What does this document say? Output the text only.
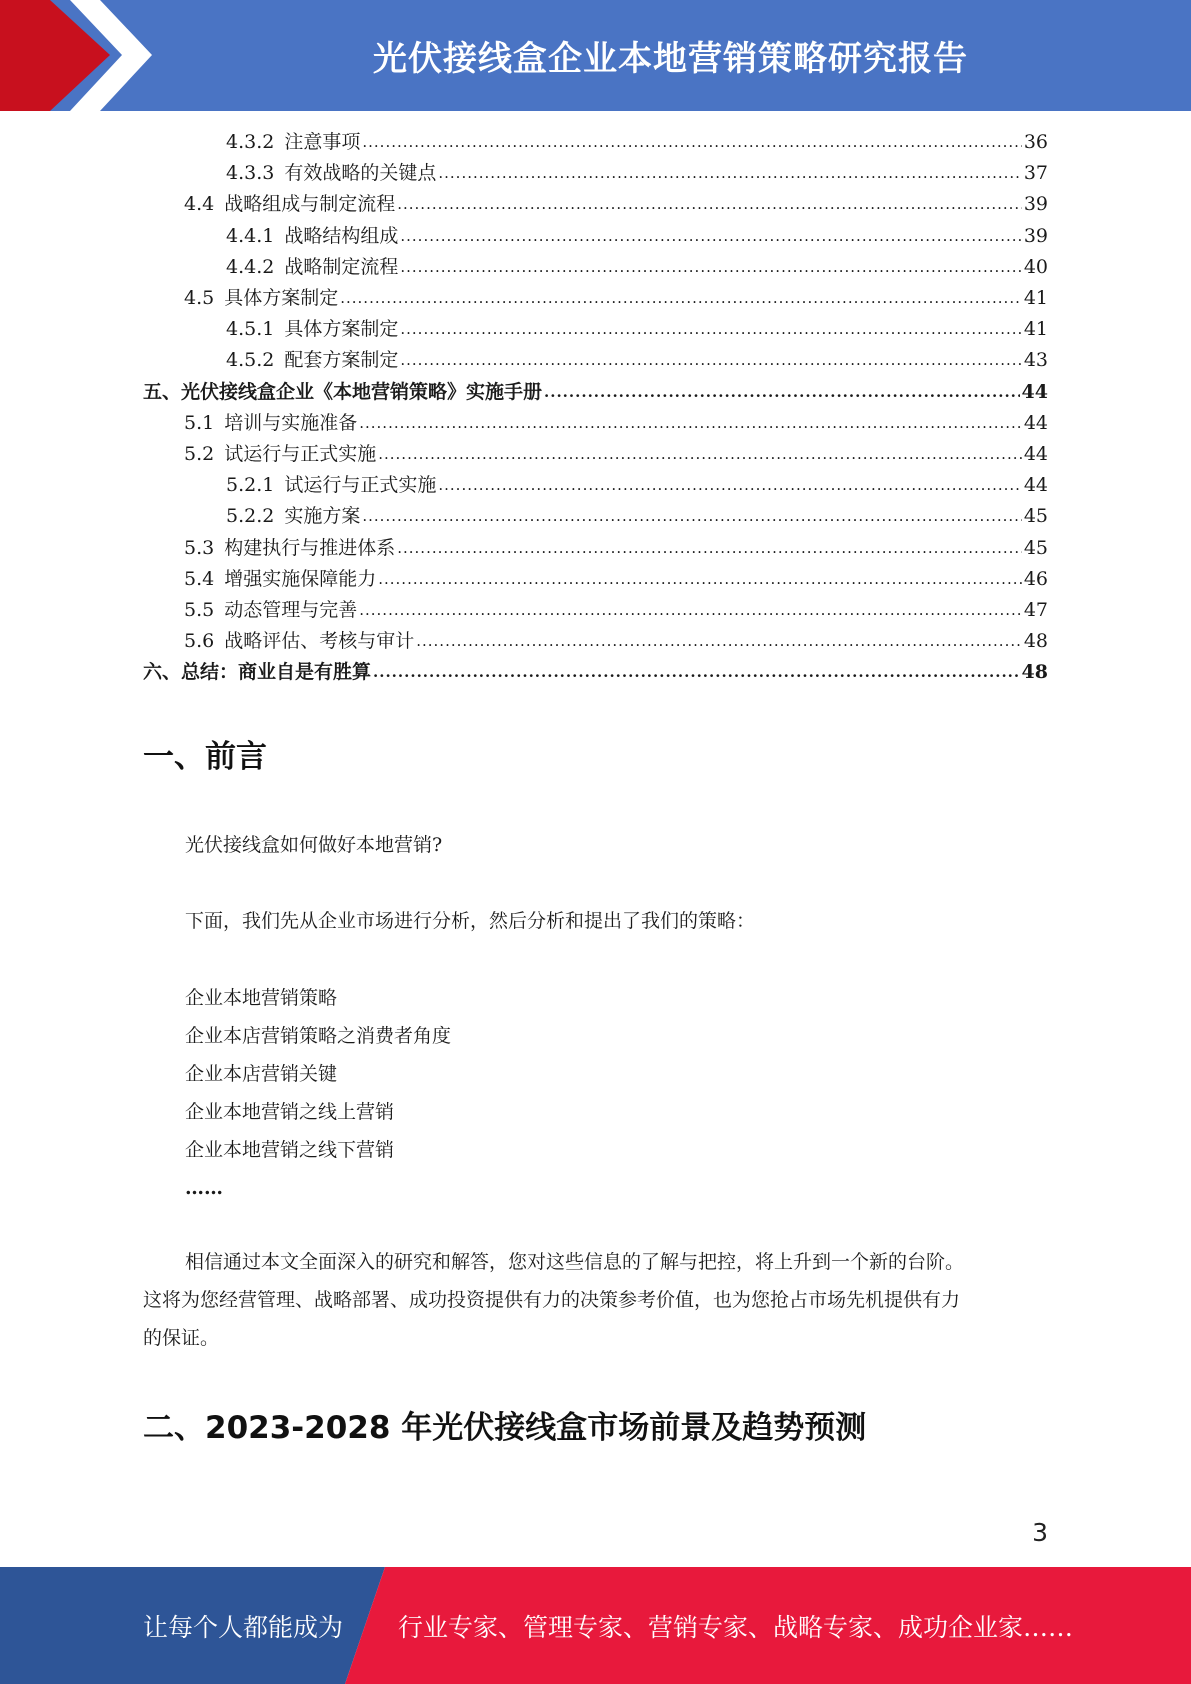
光伏接线盒企业本地营销策略研究报告
4.3.2 注意事项 .....	36
4.3.3 有效战略的关键点 .....	37
4.4 战略组成与制定流程 .....	39
4.4.1 战略结构组成 .....	39
4.4.2 战略制定流程 .....	40
4.5 具体方案制定 .....	41
4.5.1 具体方案制定 .....	41
4.5.2 配套方案制定 .....	43
五、光伏接线盒企业《本地营销策略》实施手册 .....	44
5.1 培训与实施准备 .....	44
5.2 试运行与正式实施 .....	44
5.2.1 试运行与正式实施 .....	44
5.2.2 实施方案 .....	45
5.3 构建执行与推进体系 .....	45
5.4 增强实施保障能力 .....	46
5.5 动态管理与完善 .....	47
5.6 战略评估、考核与审计 .....	48
六、总结：商业自是有胜算 .....	48
一、前言
光伏接线盒如何做好本地营销?
下面，我们先从企业市场进行分析，然后分析和提出了我们的策略：
企业本地营销策略
企业本店营销策略之消费者角度
企业本店营销关键
企业本地营销之线上营销
企业本地营销之线下营销
……
相信通过本文全面深入的研究和解答，您对这些信息的了解与把控，将上升到一个新的台阶。
这将为您经营管理、战略部署、成功投资提供有力的决策参考价值，也为您抢占市场先机提供有力
的保证。
二、2023-2028 年光伏接线盒市场前景及趋势预测
3
让每个人都能成为 行业专家、管理专家、营销专家、战略专家、成功企业家……
